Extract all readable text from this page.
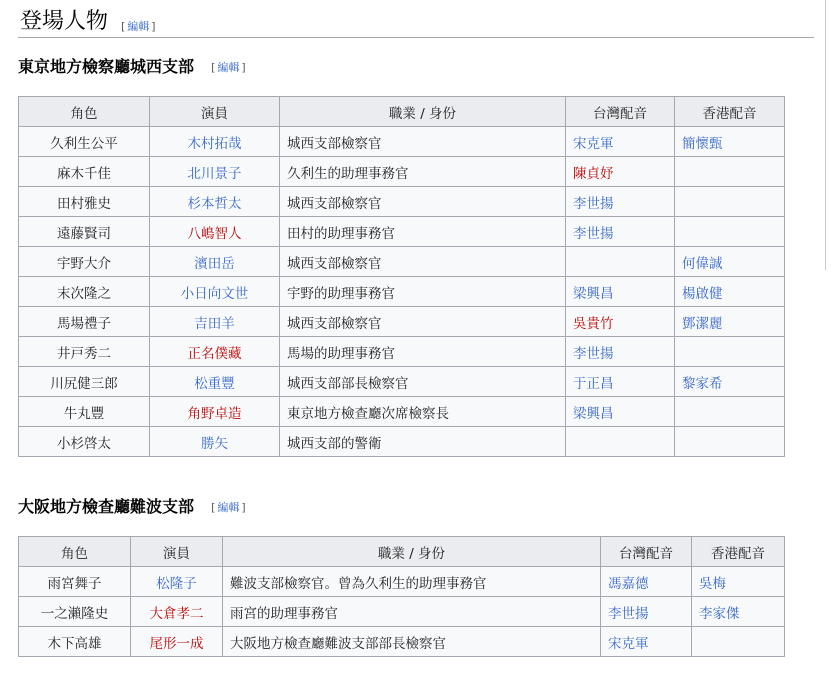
登場人物 [ 編輯 ]
東京地方檢察廳城西支部 [ 編輯 ]
角色	演員	職業 / 身份	台灣配音	香港配音
久利生公平	木村拓哉	城西支部檢察官	宋克軍	簡懷甄
麻木千佳	北川景子	久利生的助理事務官	陳貞妤	
田村雅史	杉本哲太	城西支部檢察官	李世揚	
遠藤賢司	八嶋智人	田村的助理事務官	李世揚	
宇野大介	濱田岳	城西支部檢察官		何偉誠
末次隆之	小日向文世	宇野的助理事務官	梁興昌	楊啟健
馬場禮子	吉田羊	城西支部檢察官	吳貴竹	鄧潔麗
井戸秀二	正名僕藏	馬場的助理事務官	李世揚	
川尻健三郎	松重豐	城西支部部長檢察官	于正昌	黎家希
牛丸豐	角野卓造	東京地方檢查廳次席檢察長	梁興昌	
小杉啓太	勝矢	城西支部的警衛		
大阪地方檢查廳難波支部 [ 編輯 ]
角色	演員	職業 / 身份	台灣配音	香港配音
雨宮舞子	松隆子	難波支部檢察官。曾為久利生的助理事務官	馮嘉德	吳梅
一之瀨隆史	大倉孝二	雨宮的助理事務官	李世揚	李家傑
木下高雄	尾形一成	大阪地方檢查廳難波支部部長檢察官	宋克軍	
